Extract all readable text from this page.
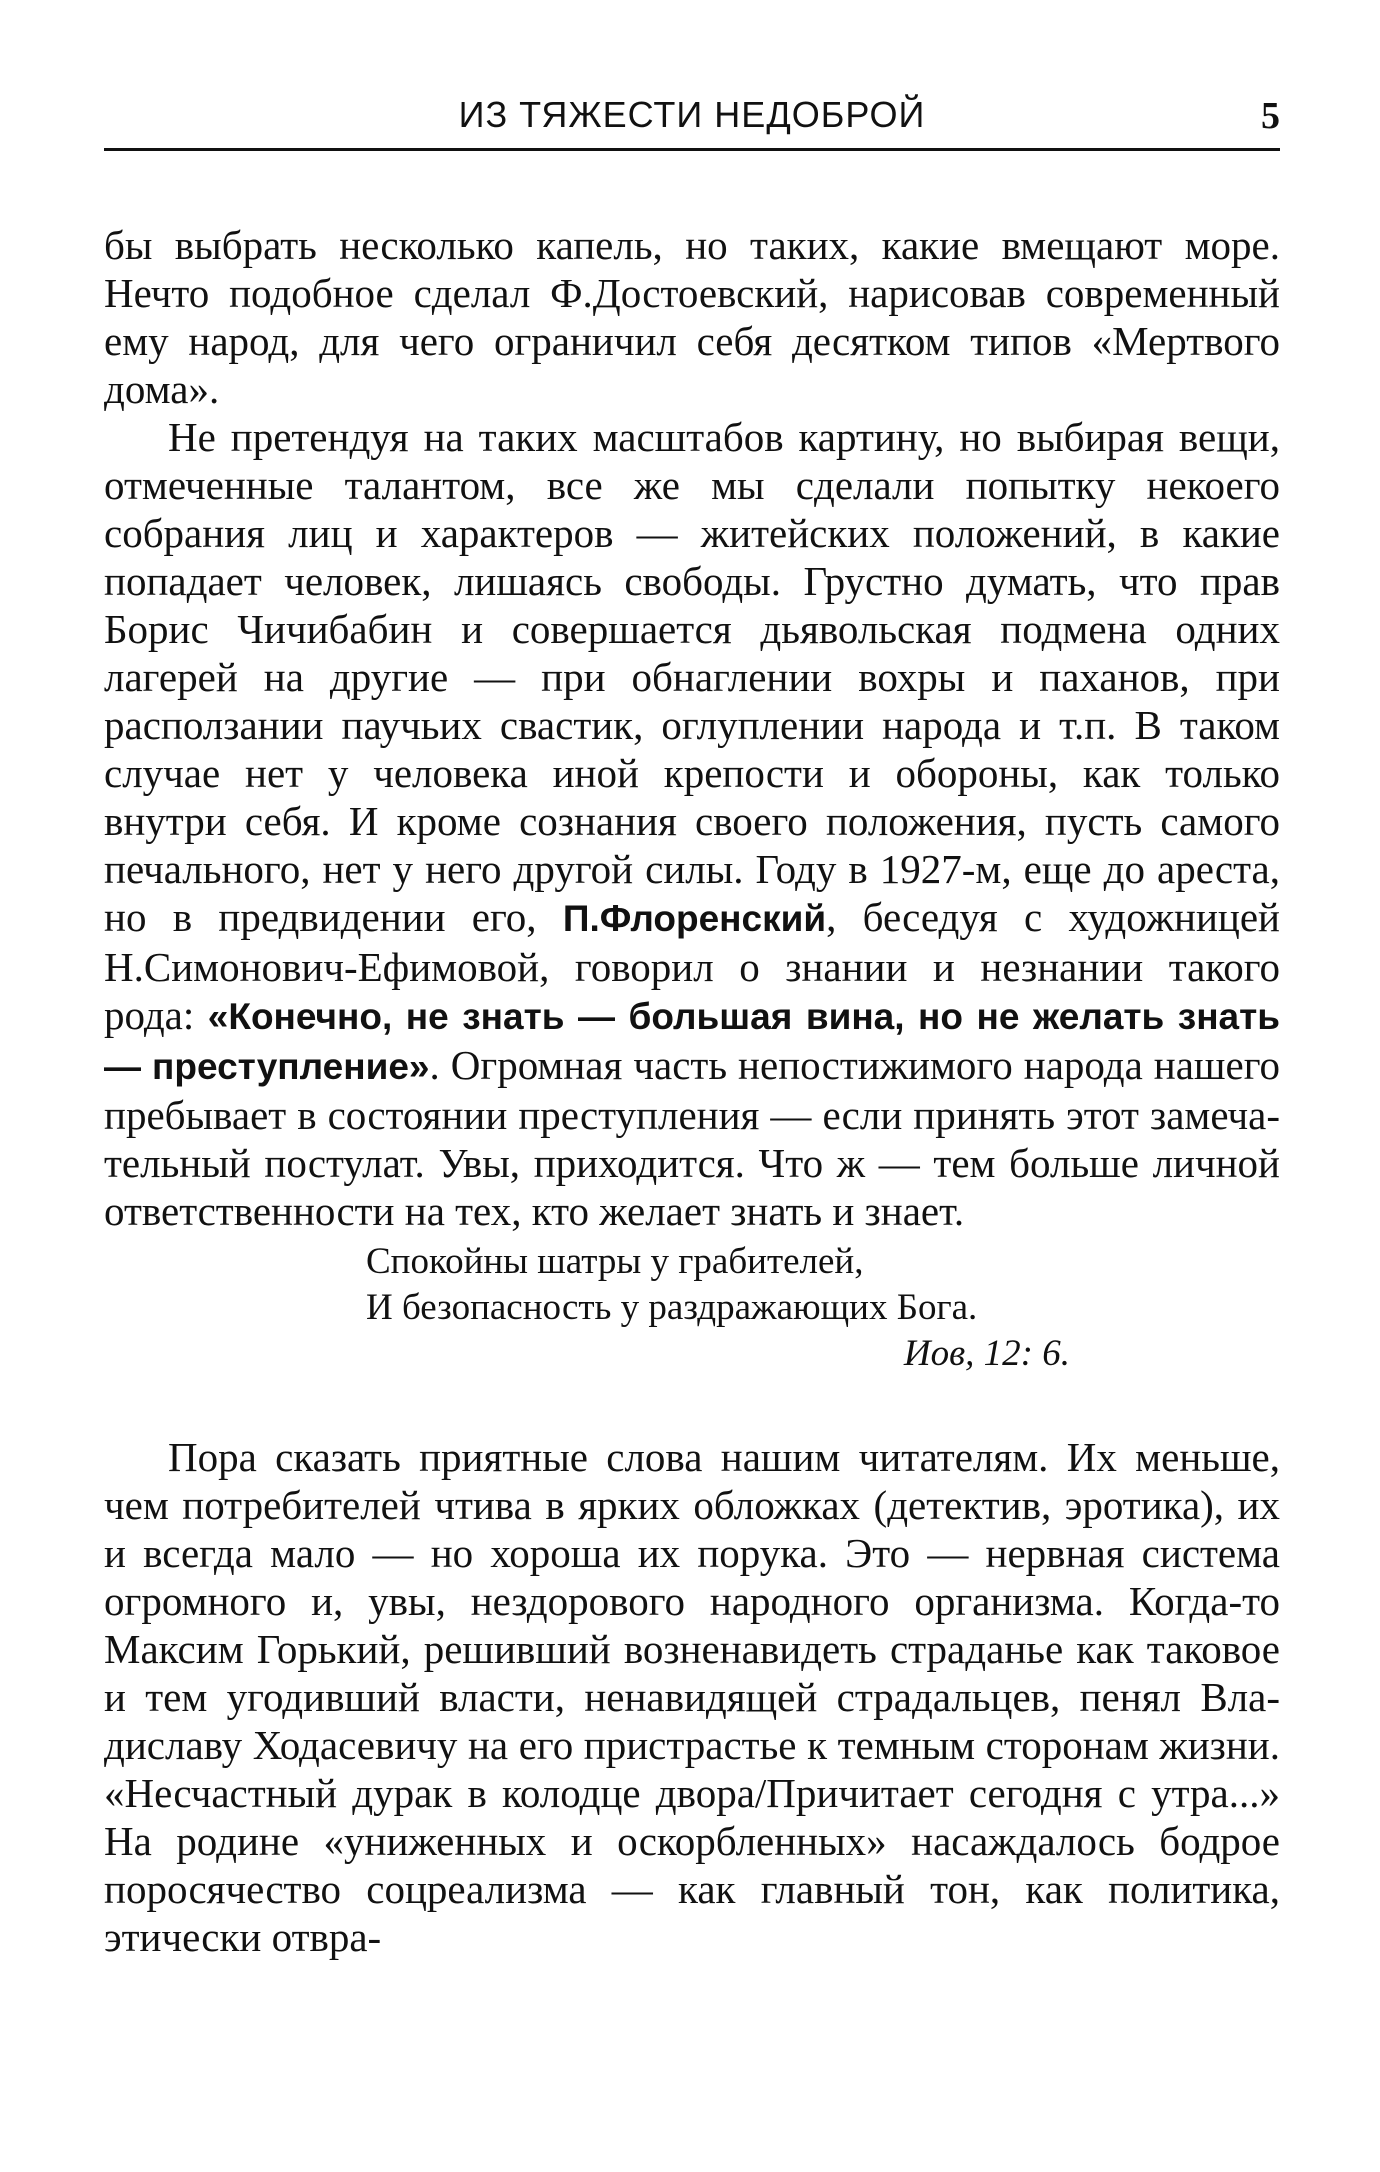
ИЗ ТЯЖЕСТИ НЕДОБРОЙ	5

бы выбрать несколько капель, но таких, какие вмещают море. Нечто подобное сделал Ф.Достоевский, нарисовав современный ему народ, для чего ограничил себя десятком типов «Мертвого дома».

Не претендуя на таких масштабов картину, но выбирая вещи, отмеченные талантом, все же мы сделали попытку некоего собрания лиц и характеров — житейских положений, в какие попадает человек, лишаясь свободы. Грустно думать, что прав Борис Чичибабин и совершается дьявольская подмена одних лагерей на другие — при обнаглении вохры и паханов, при расползании паучьих свастик, оглуплении народа и т.п. В таком случае нет у человека иной крепости и обороны, как только внутри себя. И кроме сознания своего положения, пусть самого печального, нет у него другой силы. Году в 1927-м, еще до ареста, но в предвидении его, П.Флоренский, беседуя с художницей Н.Симонович-Ефимовой, говорил о знании и незнании такого рода: «Конечно, не знать — большая вина, но не желать знать — преступление». Огромная часть непостижимого народа нашего пребывает в состоянии преступления — если принять этот замечательный постулат. Увы, приходится. Что ж — тем больше личной ответственности на тех, кто желает знать и знает.

Спокойны шатры у грабителей,
И безопасность у раздражающих Бога.
Иов, 12: 6.

Пора сказать приятные слова нашим читателям. Их меньше, чем потребителей чтива в ярких обложках (детектив, эротика), их и всегда мало — но хороша их порука. Это — нервная система огромного и, увы, нездорового народного организма. Когда-то Максим Горький, решивший возненавидеть страданье как таковое и тем угодивший власти, ненавидящей страдальцев, пенял Владиславу Ходасевичу на его пристрастье к темным сторонам жизни. «Несчастный дурак в колодце двора/Причитает сегодня с утра...» На родине «униженных и оскорбленных» насаждалось бодрое поросячество соцреализма — как главный тон, как политика, этически отвра-
